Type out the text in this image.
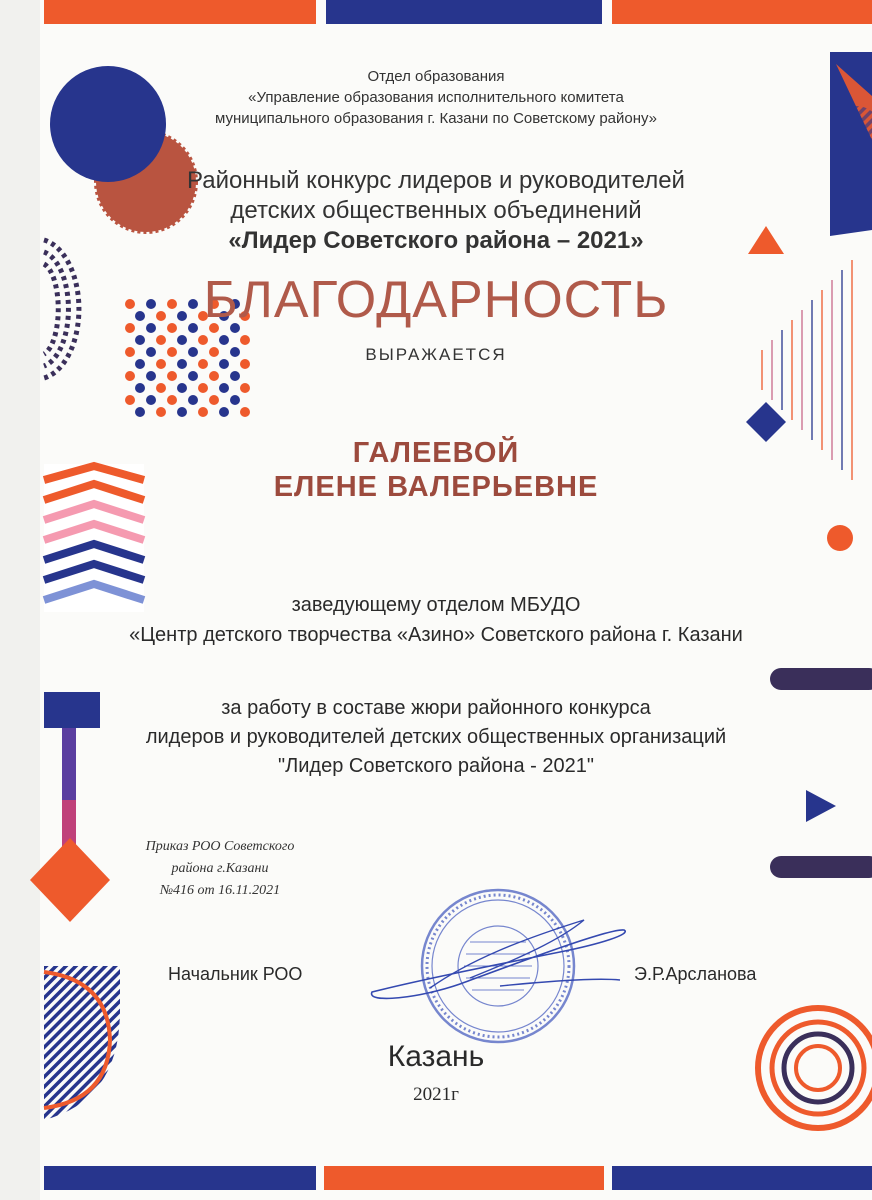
Отдел образования
«Управление образования исполнительного комитета
муниципального образования г. Казани по Советскому району»
Районный конкурс лидеров и руководителей
детских общественных объединений
«Лидер Советского района – 2021»
БЛАГОДАРНОСТЬ
ВЫРАЖАЕТСЯ
ГАЛЕЕВОЙ
ЕЛЕНЕ ВАЛЕРЬЕВНЕ
заведующему отделом МБУДО
«Центр детского творчества «Азино» Советского района г. Казани
за работу в составе жюри районного конкурса
лидеров и руководителей детских общественных организаций
"Лидер Советского района - 2021"
Приказ РОО Советского
района г.Казани
№416 от 16.11.2021

Начальник РОО	Э.Р.Арсланова

Казань
2021г
